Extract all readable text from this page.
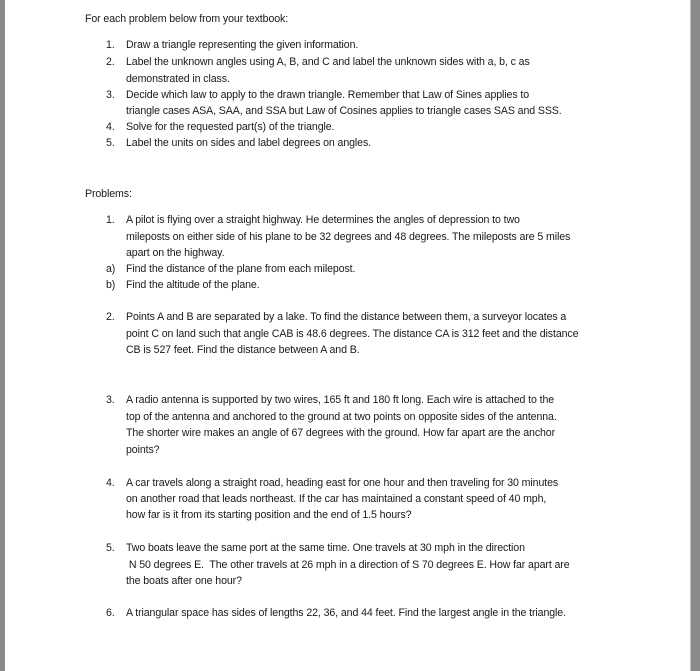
For each problem below from your textbook:
1. Draw a triangle representing the given information.
2. Label the unknown angles using A, B, and C and label the unknown sides with a, b, c as
demonstrated in class.
3. Decide which law to apply to the drawn triangle. Remember that Law of Sines applies to
triangle cases ASA, SAA, and SSA but Law of Cosines applies to triangle cases SAS and SSS.
4. Solve for the requested part(s) of the triangle.
5. Label the units on sides and label degrees on angles.
Problems:
1. A pilot is flying over a straight highway. He determines the angles of depression to two
mileposts on either side of his plane to be 32 degrees and 48 degrees. The mileposts are 5 miles
apart on the highway.
a) Find the distance of the plane from each milepost.
b) Find the altitude of the plane.
2. Points A and B are separated by a lake. To find the distance between them, a surveyor locates a
point C on land such that angle CAB is 48.6 degrees. The distance CA is 312 feet and the distance
CB is 527 feet. Find the distance between A and B.
3. A radio antenna is supported by two wires, 165 ft and 180 ft long. Each wire is attached to the
top of the antenna and anchored to the ground at two points on opposite sides of the antenna.
The shorter wire makes an angle of 67 degrees with the ground. How far apart are the anchor
points?
4. A car travels along a straight road, heading east for one hour and then traveling for 30 minutes
on another road that leads northeast. If the car has maintained a constant speed of 40 mph,
how far is it from its starting position and the end of 1.5 hours?
5. Two boats leave the same port at the same time. One travels at 30 mph in the direction
N 50 degrees E.  The other travels at 26 mph in a direction of S 70 degrees E. How far apart are
the boats after one hour?
6. A triangular space has sides of lengths 22, 36, and 44 feet. Find the largest angle in the triangle.
